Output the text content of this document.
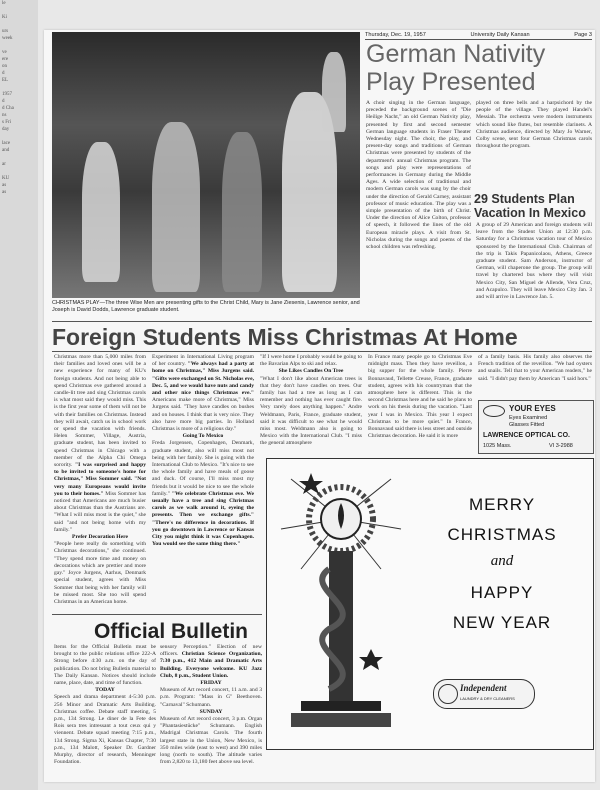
le

Ki

urs
week

ve
ere
on
d
EL

1957
d
d Cha
ns
s Fri
day

lace
and

ar

KU
as
as
Thursday, Dec. 19, 1957	University Daily Kansan	Page 3
CHRISTMAS PLAY—The three Wise Men are presenting gifts to the Christ Child, Mary is Jane Ziesenis, Lawrence senior, and Joseph is David Dodds, Lawrence graduate student.
German Nativity Play Presented
A choir singing in the German language, preceded the background scenes of "Die Heilige Nacht," an old German Nativity play, presented by first and second semester German language students in Fraser Theater Wednesday night. The choir, the play, and present-day songs and traditions of German Christmas were presented by students of the department's annual Christmas program. The songs and play were representations of performances in Germany during the Middle Ages. A wide selection of traditional and modern German carols was sung by the choir under the direction of Gerald Carney, assistant professor of music education. The play was a simple presentation of the birth of Christ. Under the direction of Alice Colton, professor of speech, it followed the lines of the old European miracle plays. A visit from St. Nicholas during the songs and poems of the school children was refreshing.
played on three bells and a harpsichord by the people of the village. They played Handel's Messiah. The orchestra were modern instruments which sound like flutes, but resemble clarinets. A Christmas audience, directed by Mary Jo Warner, Colby scene, sent four German Christmas carols throughout the program.
29 Students Plan Vacation In Mexico
A group of 29 American and foreign students will leave from the Student Union at 12:30 p.m. Saturday for a Christmas vacation tour of Mexico sponsored by the International Club. Chairman of the trip is Takis Papanicolaou, Athens, Greece graduate student. Sam Anderson, instructor of German, will chaperone the group. The group will travel by chartered bus where they will visit Mexico City, San Miguel de Allende, Vera Cruz, and Acapulco. They will leave Mexico City Jan. 3 and will arrive in Lawrence Jan. 5.
Foreign Students Miss Christmas At Home
Christmas more than 5,000 miles from their families and loved ones will be a new experience for many of KU's foreign students. And not being able to spend Christmas eve gathered around a candle-lit tree and sing Christmas carols is what most said they would miss. This is the first year some of them will not be with their families on Christmas. Instead they will await, catch us in school work or spend the vacation with friends. Helen Sommer, Village, Austria, graduate student, has been invited to spend Christmas in Chicago with a member of the Alpha Chi Omega sorority. "I was surprised and happy to be invited to someone's home for Christmas," Miss Sommer said. "Not very many Europeans would invite you to their homes." Miss Sommer has noticed that Americans are much busier about Christmas than the Austrians are. "What I will miss most is the quiet," she said "and not being home with my family."
Prefer Decoration Here
"People here really do something with Christmas decorations," she continued. "They spend more time and money on decorations which are prettier and more gay." Joyce Jurgens, Aarhus, Denmark special student, agrees with Miss Sommer that being with her family will be missed most. She too will spend Christmas in an American home.
Experiment in International Living program of her country. "We always had a party at home on Christmas," Miss Jurgens said. "Gifts were exchanged on St. Nicholas eve, Dec. 5, and we would have nuts and candy and other nice things Christmas eve." Americans make more of Christmas," Miss Jurgens said. "They have candles on bushes and on houses. I think that is very nice. They also have more big parties. In Holland Christmas is more of a religious day."
Going To Mexico
Freda Jorgensen, Copenhagen, Denmark, graduate student, also will miss most not being with her family. She is going with the International Club to Mexico. "It's nice to see the whole family and have meals of goose and duck. Of course, I'll miss most my friends but it would be nice to see the whole family." "We celebrate Christmas eve. We usually have a tree and sing Christmas carols as we walk around it, eyeing the presents. Then we exchange gifts." "There's no difference in decorations. If you go downtown in Lawrence or Kansas City you might think it was Copenhagen. You would see the same thing there."
"If I were home I probably would be going to the Bavarian Alps to ski and relax.
She Likes Candles On Tree
"What I don't like about American trees is that they don't have candles on trees. Our family has had a tree as long as I can remember and nothing has ever caught fire. Very rarely does anything happen." Andre Weldmann, Paris, France, graduate student, said it was difficult to see what he would miss most. Weldmann also is going to Mexico with the International Club. "I miss the general atmosphere
In France many people go to Christmas Eve midnight mass. Then they have reveillon, a big supper for the whole family. Pierre Bonnavaud, Tellette Creuse, France, graduate student, agrees with his countryman that the atmosphere here is different. This is the second Christmas here and he said he plans to work on his thesis during the vacation. "Last year I was in Mexico. This year I expect Christmas to be more quiet." In France, Bonnavaud said there is less street and outside Christmas decoration. He said it is more
of a family basis. His family also observes the French tradition of the reveillon. "We had oysters and snails. Tell that to your American readers," he said. "I didn't pay them by American "I said hors."
YOUR EYES
Eyes Examined
Glasses Fitted
LAWRENCE OPTICAL CO.
1025 Mass.	VI 3-2988
Official Bulletin
Items for the Official Bulletin must be brought to the public relations office 222-A Strong before 4:30 a.m. on the day of publication. Do not bring Bulletin material to The Daily Kansan. Notices should include name, place, date, and time of function.
TODAY
Speech and drama department 4-5:30 p.m. 256 Minor and Dramatic Arts Building. Christmas coffee. Debate staff meeting, 5 p.m., 134 Strong. Le diner de la Fete des Rois sera tres intressant a tout ceux qui y viennent. Debate squad meeting 7:15 p.m., 134 Strong. Sigma Xi, Kansas Chapter, 7:30 p.m., 134 Malott, Speaker Dr. Gardner Murphy, director of research, Menninger Foundation.
sensory Perception." Election of new officers. Christian Science Organization, 7:30 p.m., 412 Main and Dramatic Arts Building. Everyone welcome. KU Jazz Club, 8 p.m., Student Union.
FRIDAY
Museum of Art record concert, 11 a.m. and 3 p.m. Program: "Mass in G" Beethoven. "Carnaval" Schumann.
SUNDAY
Museum of Art record concert, 3 p.m. Organ "Phantasiestücke" Schumann. English Madrigal Christmas Carols. The fourth largest state in the Union, New Mexico, is 350 miles wide (east to west) and 390 miles long (north to south). The altitude varies from 2,820 to 13,180 feet above sea level.
MERRY
CHRISTMAS
and
HAPPY
NEW YEAR
Independent
LAUNDRY & DRY CLEANERS
